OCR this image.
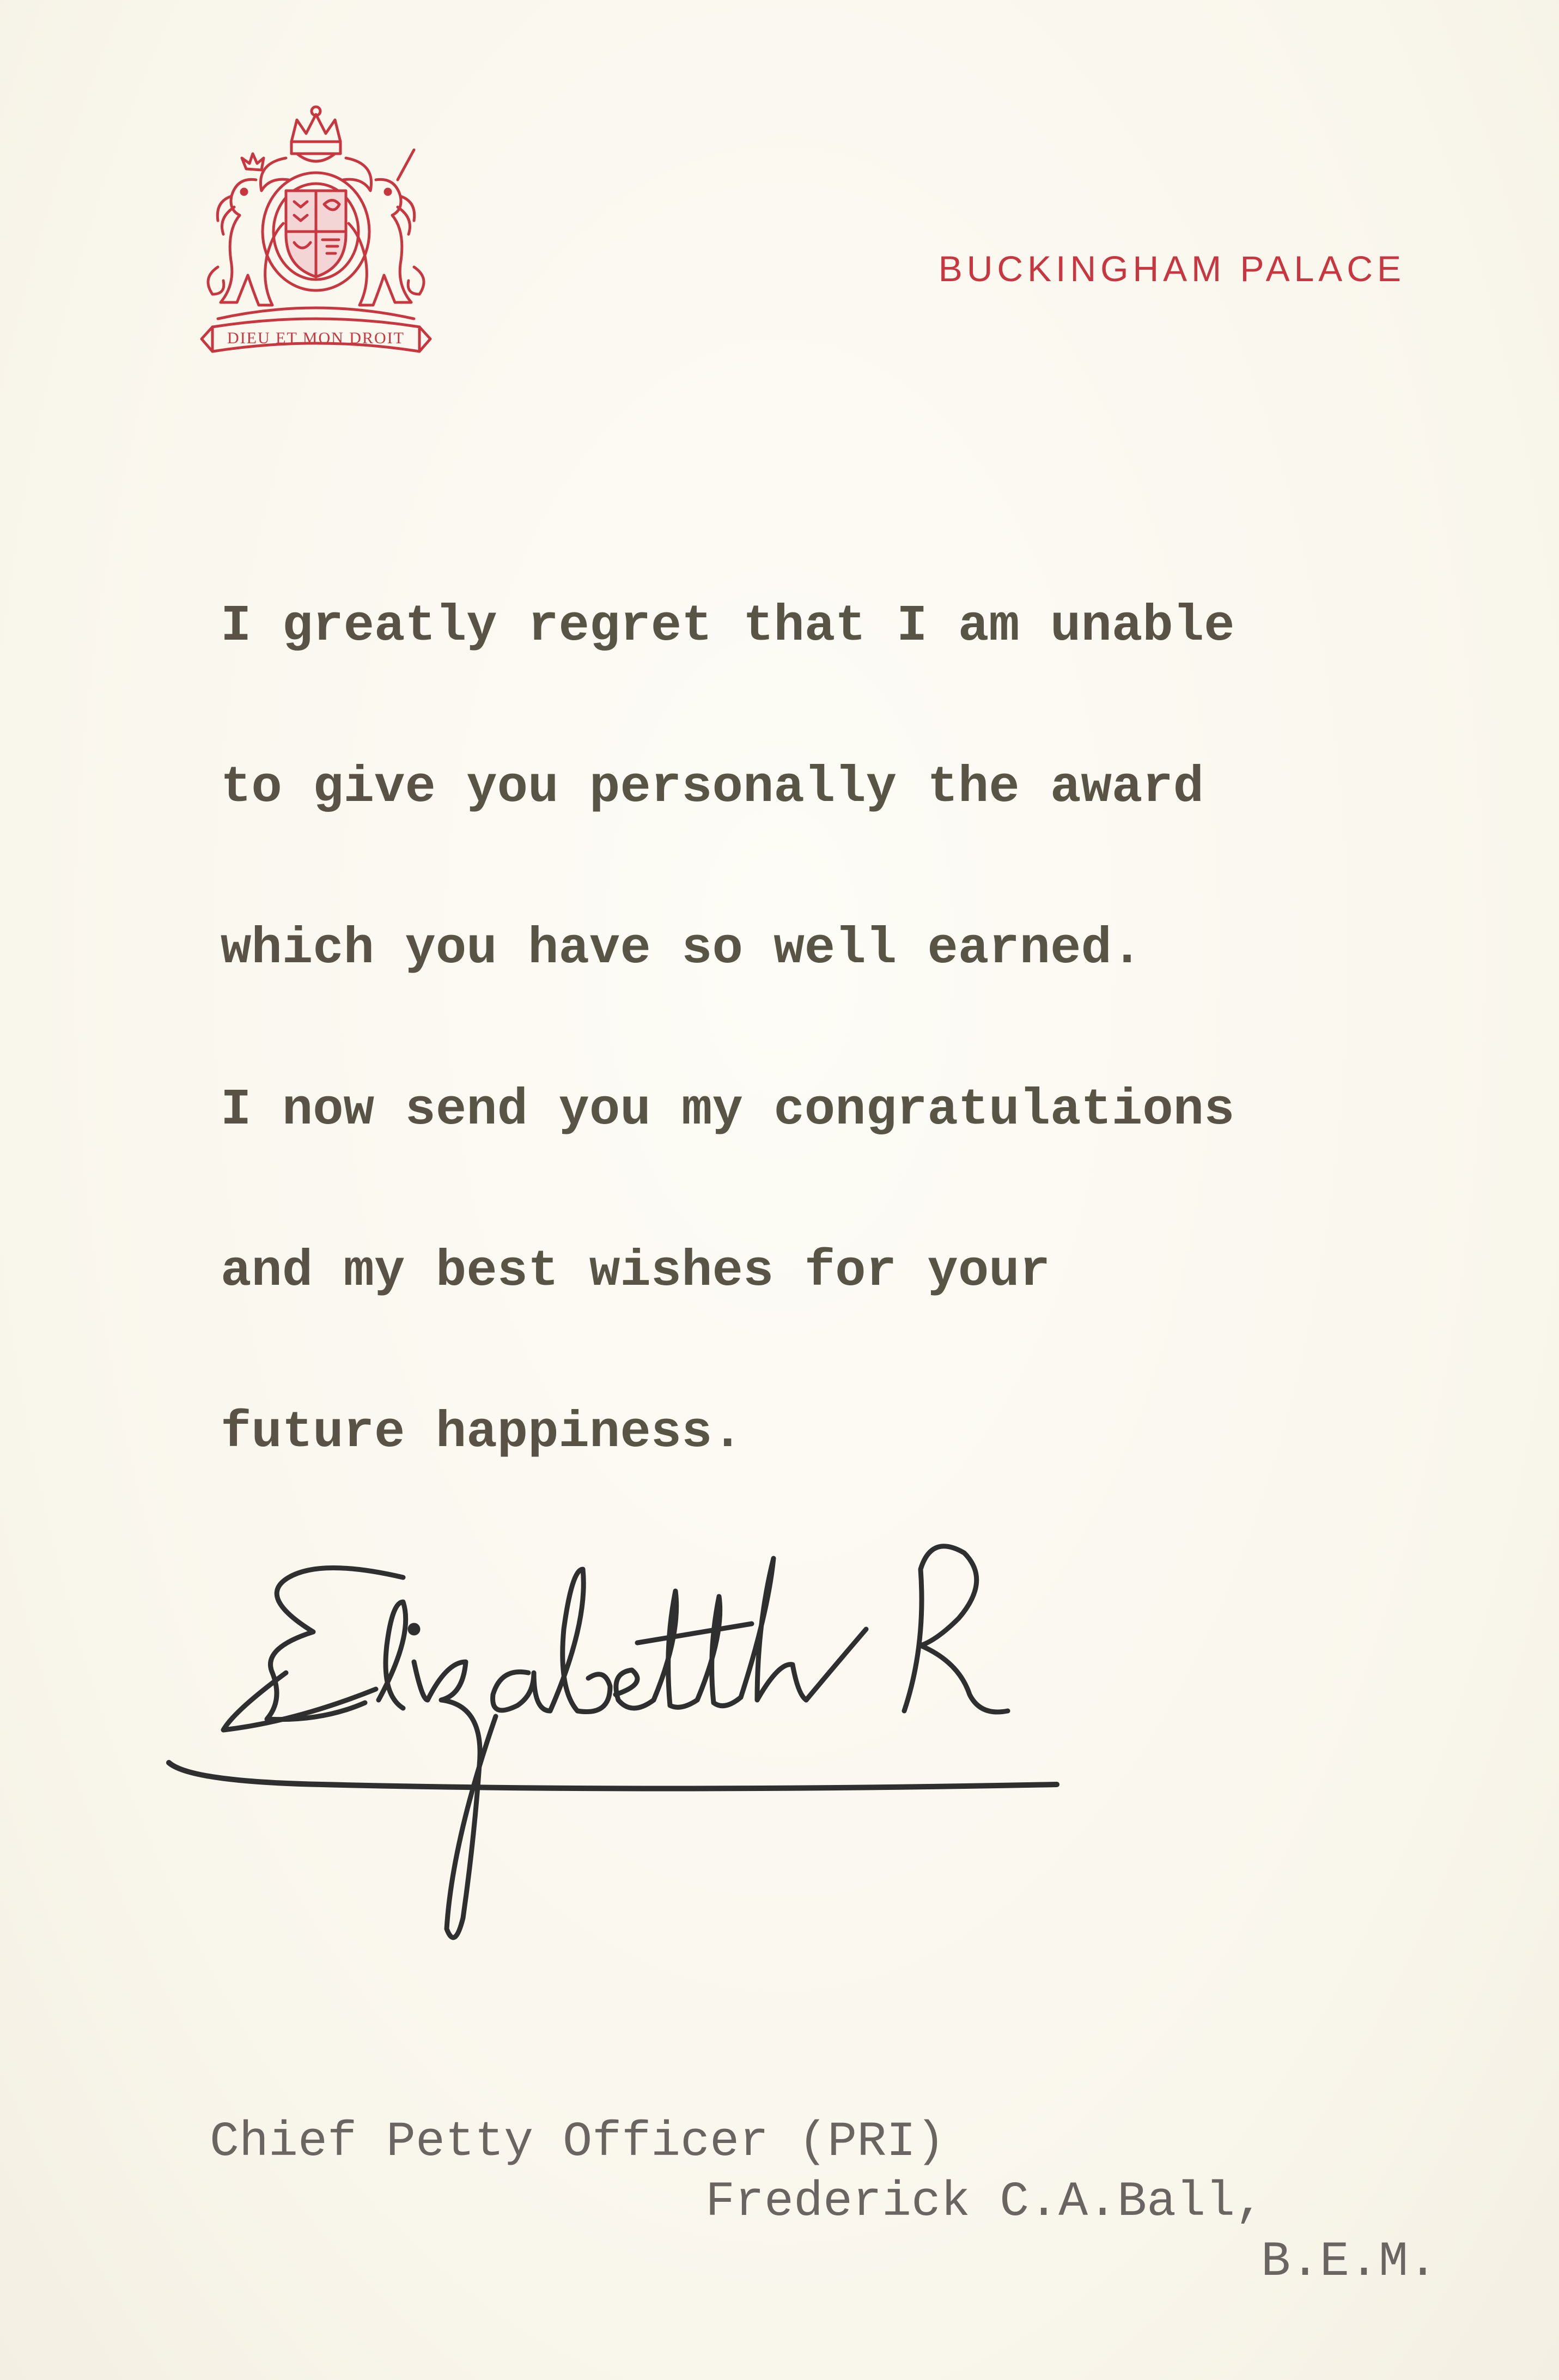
DIEU ET MON DROIT
BUCKINGHAM PALACE
I greatly regret that I am unable
to give you personally the award
which you have so well earned.
I now send you my congratulations
and my best wishes for your
future happiness.
Chief Petty Officer (PRI)
Frederick C.A.Ball,
B.E.M.
